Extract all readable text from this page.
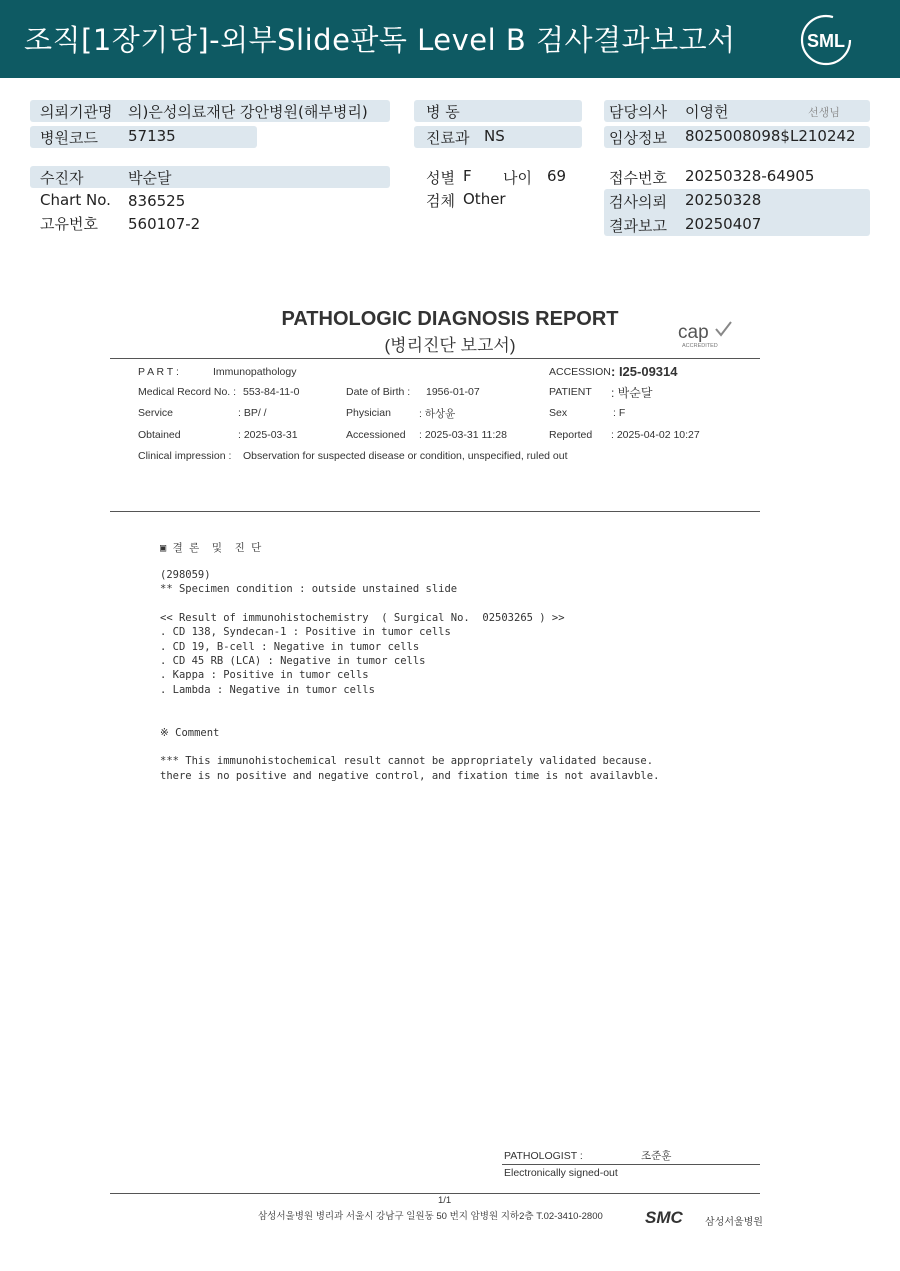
조직[1장기당]-외부Slide판독 Level B 검사결과보고서	SML
의뢰기관명 의)은성의료재단 강안병원(해부병리)	병 동	담당의사 이영헌	선생님
병원코드 57135	진료과 NS	임상정보 8025008098$L210242
수진자	박순달	성별 F 나이 69	접수번호 20250328-64905
Chart No. 836525	검체 Other	검사의뢰 20250328
고유번호 560107-2	결과보고 20250407
PATHOLOGIC DIAGNOSIS REPORT
(병리진단 보고서)
cap
ACCREDITED
P A R T :	Immunopathology	ACCESSION : I25-09314
Medical Record No. : 553-84-11-0	Date of Birth : 1956-01-07	PATIENT : 박순달
Service	: BP/ /	Physician	: 하상윤	Sex	: F
Obtained	: 2025-03-31	Accessioned : 2025-03-31 11:28	Reported : 2025-04-02 10:27
Clinical impression : Observation for suspected disease or condition, unspecified, ruled out
▣ 결 론  및  진 단
(298059)
** Specimen condition : outside unstained slide
<< Result of immunohistochemistry  ( Surgical No.  02503265 ) >>
. CD 138, Syndecan-1 : Positive in tumor cells
. CD 19, B-cell : Negative in tumor cells
. CD 45 RB (LCA) : Negative in tumor cells
. Kappa : Positive in tumor cells
. Lambda : Negative in tumor cells
※ Comment
*** This immunohistochemical result cannot be appropriately validated because.
there is no positive and negative control, and fixation time is not availavble.
PATHOLOGIST :	조준훈
Electronically signed-out
1/1
삼성서울병원 병리과 서울시 강남구 일원동 50 번지 암병원 지하2층 T.02-3410-2800 SMC 삼성서울병원
